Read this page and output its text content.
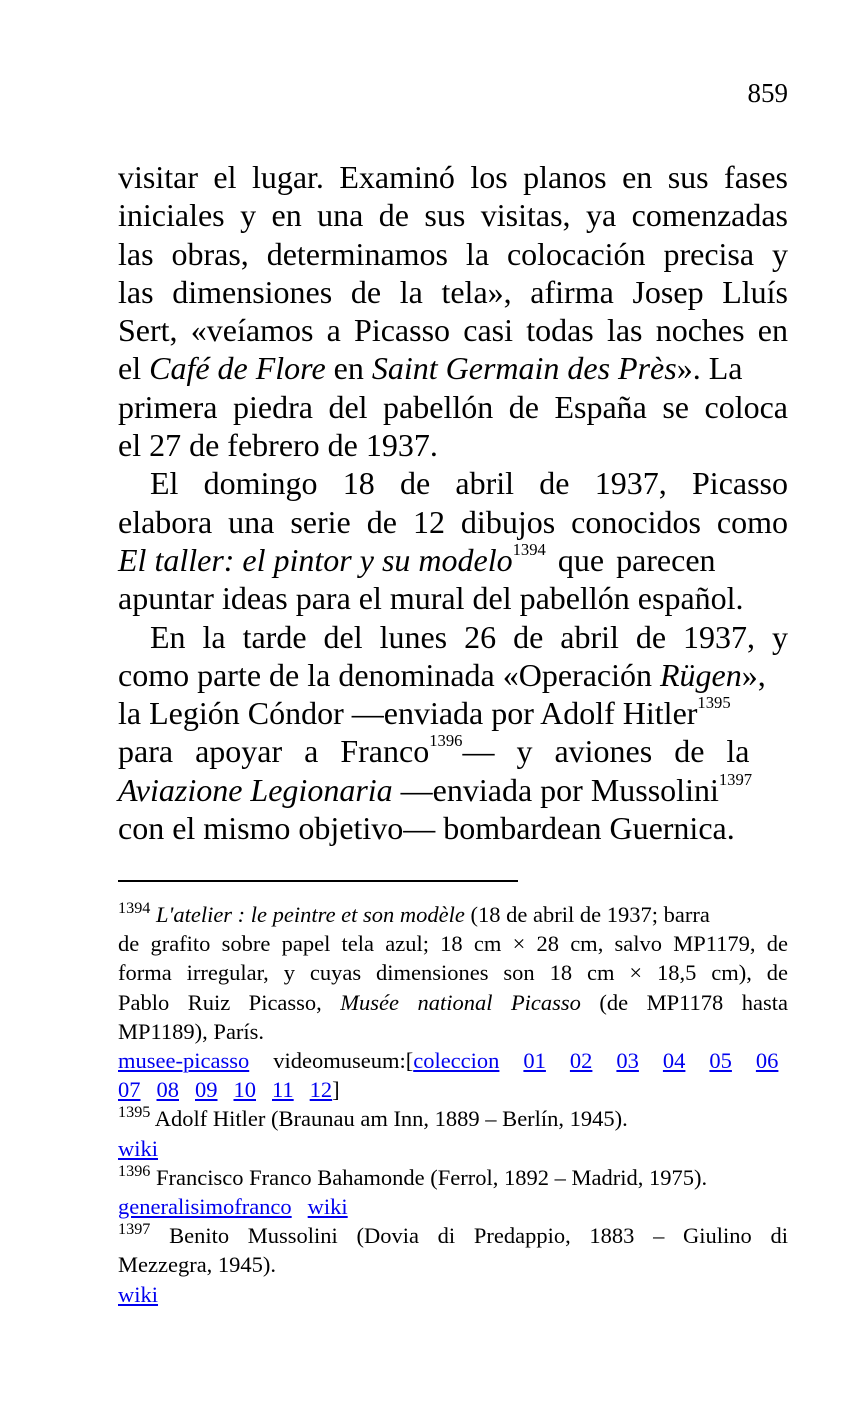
859
visitar el lugar. Examinó los planos en sus fases
iniciales y en una de sus visitas, ya comenzadas
las obras, determinamos la colocación precisa y
las dimensiones de la tela», afirma Josep Lluís
Sert, «veíamos a Picasso casi todas las noches en
el Café de Flore en Saint Germain des Près». La
primera piedra del pabellón de España se coloca
el 27 de febrero de 1937.
El domingo 18 de abril de 1937, Picasso
elabora una serie de 12 dibujos conocidos como
El taller: el pintor y su modelo$^{1394}$ que parecen
apuntar ideas para el mural del pabellón español.
En la tarde del lunes 26 de abril de 1937, y
como parte de la denominada «Operación Rügen»,
la Legión Cóndor —enviada por Adolf Hitler$^{1395}$
para apoyar a Franco$^{1396}$— y aviones de la
Aviazione Legionaria —enviada por Mussolini$^{1397}$
con el mismo objetivo— bombardean Guernica.
$^{1394}$ L'atelier : le peintre et son modèle (18 de abril de 1937; barra
de grafito sobre papel tela azul; 18 cm × 28 cm, salvo MP1179, de
forma irregular, y cuyas dimensiones son 18 cm × 18,5 cm), de
Pablo Ruiz Picasso, Musée national Picasso (de MP1178 hasta
MP1189), París.
musee-picasso videomuseum:[coleccion 01 02 03 04 05 06
07 08 09 10 11 12]
$^{1395}$ Adolf Hitler (Braunau am Inn, 1889 – Berlín, 1945).
wiki
$^{1396}$ Francisco Franco Bahamonde (Ferrol, 1892 – Madrid, 1975).
generalisimofranco wiki
$^{1397}$ Benito Mussolini (Dovia di Predappio, 1883 – Giulino di
Mezzegra, 1945).
wiki
